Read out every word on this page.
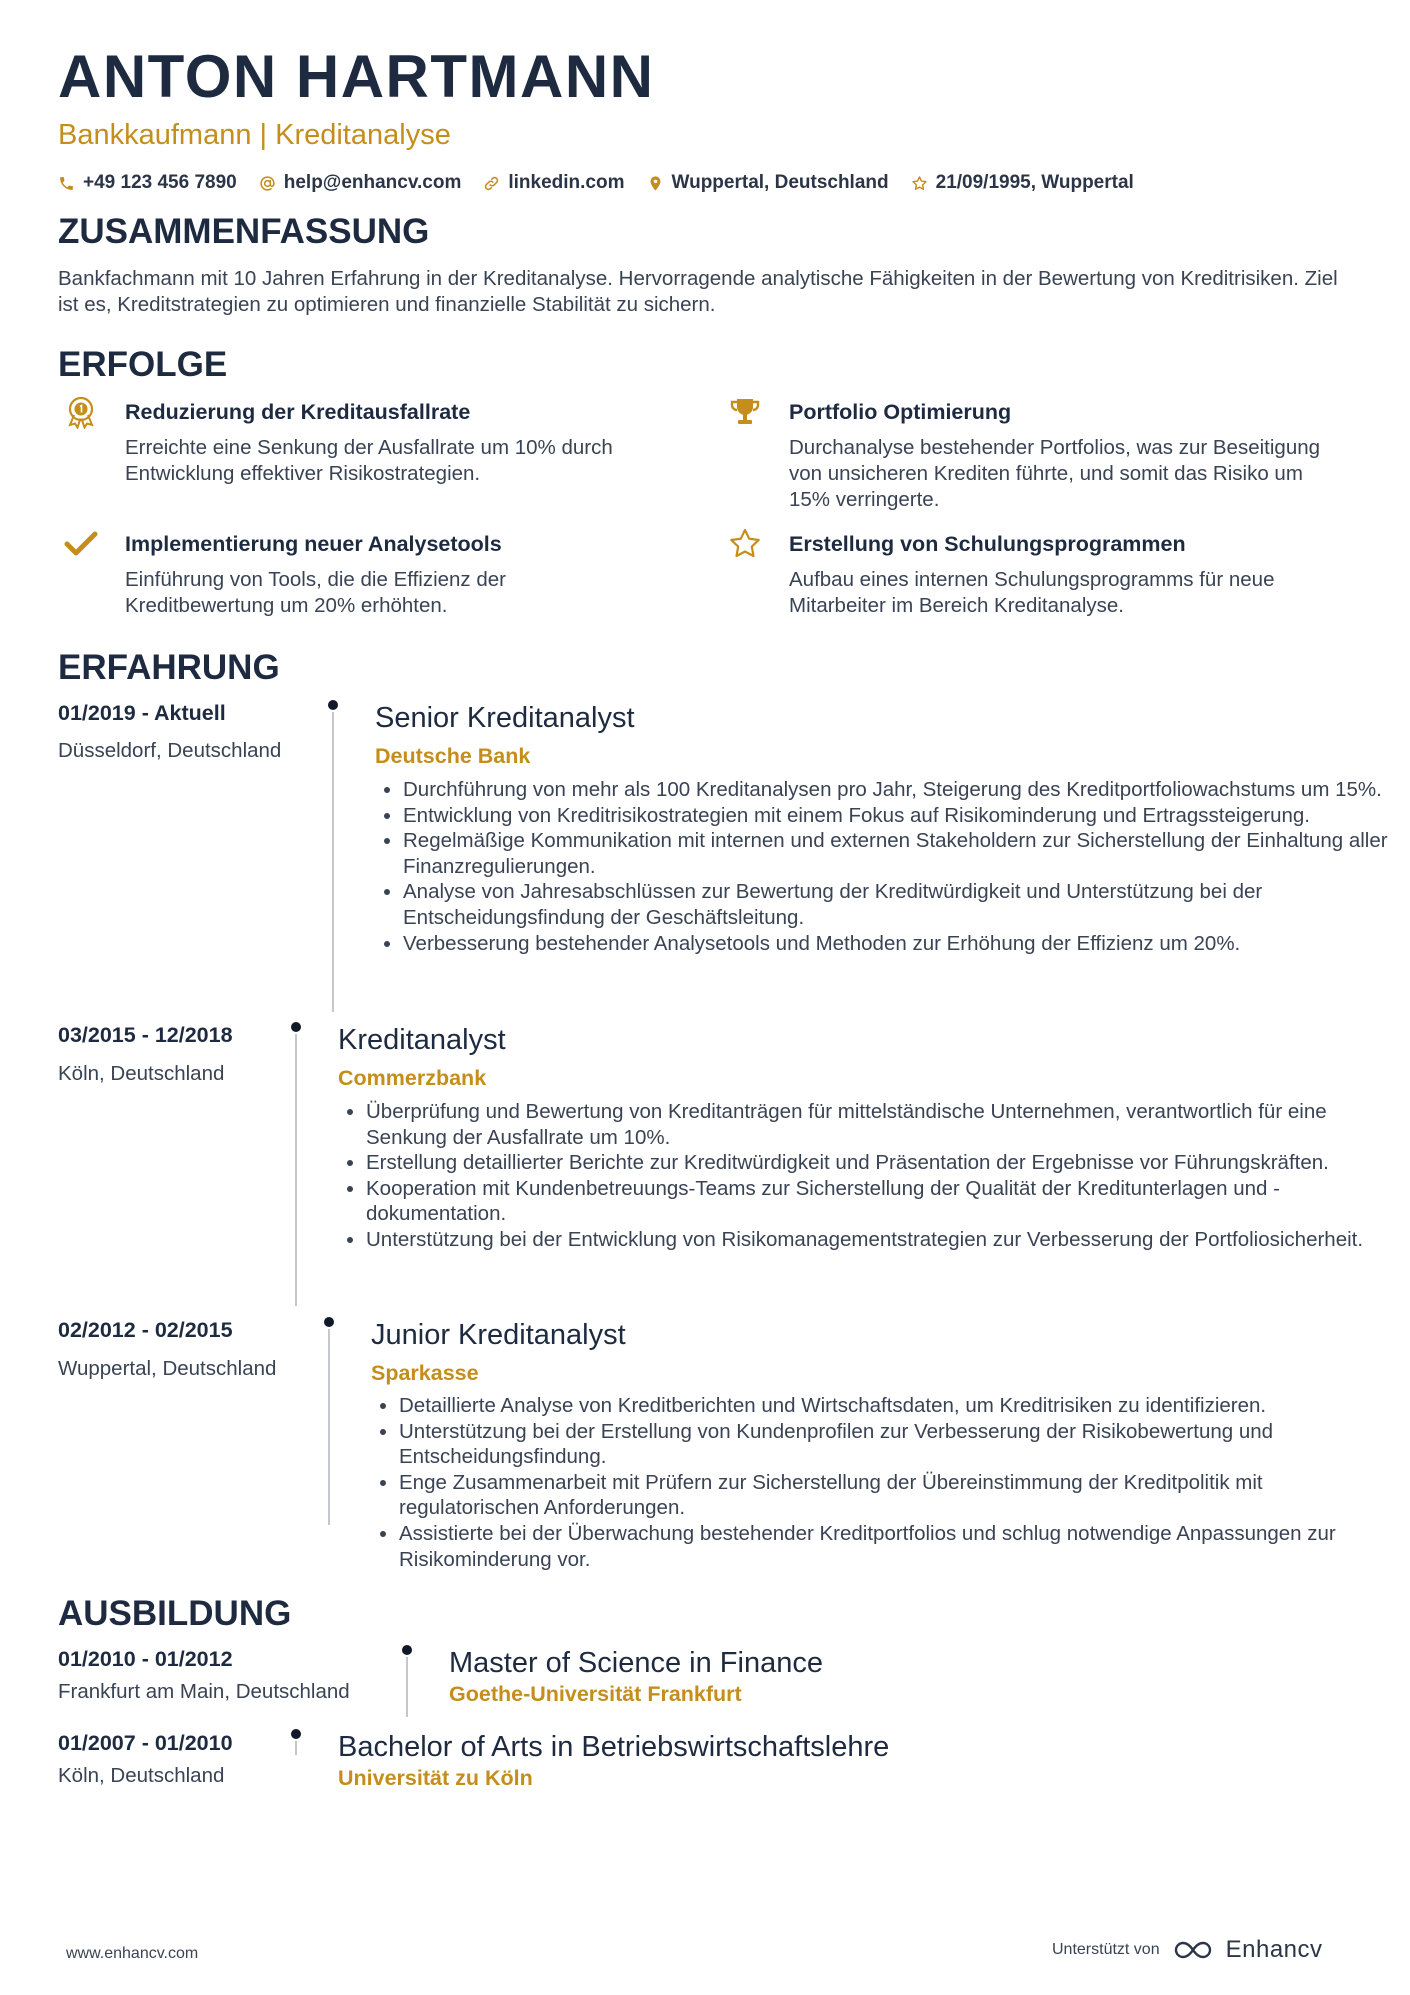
ANTON HARTMANN
Bankkaufmann | Kreditanalyse
+49 123 456 7890 help@enhancv.com linkedin.com Wuppertal, Deutschland 21/09/1995, Wuppertal
ZUSAMMENFASSUNG

Bankfachmann mit 10 Jahren Erfahrung in der Kreditanalyse. Hervorragende analytische Fähigkeiten in der Bewertung von Kreditrisiken. Ziel ist es, Kreditstrategien zu optimieren und finanzielle Stabilität zu sichern.

ERFOLGE
Reduzierung der Kreditausfallrate

Erreichte eine Senkung der Ausfallrate um 10% durch Entwicklung effektiver Risikostrategien.

Portfolio Optimierung

Durchanalyse bestehender Portfolios, was zur Beseitigung von unsicheren Krediten führte, und somit das Risiko um 15% verringerte.

Implementierung neuer Analysetools

Einführung von Tools, die die Effizienz der Kreditbewertung um 20% erhöhten.

Erstellung von Schulungsprogrammen

Aufbau eines internen Schulungsprogramms für neue Mitarbeiter im Bereich Kreditanalyse.

ERFAHRUNG
01/2019 - Aktuell
Düsseldorf, Deutschland
Senior Kreditanalyst
Deutsche Bank
• Durchführung von mehr als 100 Kreditanalysen pro Jahr, Steigerung des Kreditportfoliowachstums um 15%.
• Entwicklung von Kreditrisikostrategien mit einem Fokus auf Risikominderung und Ertragssteigerung.
• Regelmäßige Kommunikation mit internen und externen Stakeholdern zur Sicherstellung der Einhaltung aller Finanzregulierungen.
• Analyse von Jahresabschlüssen zur Bewertung der Kreditwürdigkeit und Unterstützung bei der Entscheidungsfindung der Geschäftsleitung.
• Verbesserung bestehender Analysetools und Methoden zur Erhöhung der Effizienz um 20%.
03/2015 - 12/2018
Köln, Deutschland
Kreditanalyst
Commerzbank
• Überprüfung und Bewertung von Kreditanträgen für mittelständische Unternehmen, verantwortlich für eine Senkung der Ausfallrate um 10%.
• Erstellung detaillierter Berichte zur Kreditwürdigkeit und Präsentation der Ergebnisse vor Führungskräften.
• Kooperation mit Kundenbetreuungs-Teams zur Sicherstellung der Qualität der Kreditunterlagen und -dokumentation.
• Unterstützung bei der Entwicklung von Risikomanagementstrategien zur Verbesserung der Portfoliosicherheit.
02/2012 - 02/2015
Wuppertal, Deutschland
Junior Kreditanalyst
Sparkasse
• Detaillierte Analyse von Kreditberichten und Wirtschaftsdaten, um Kreditrisiken zu identifizieren.
• Unterstützung bei der Erstellung von Kundenprofilen zur Verbesserung der Risikobewertung und Entscheidungsfindung.
• Enge Zusammenarbeit mit Prüfern zur Sicherstellung der Übereinstimmung der Kreditpolitik mit regulatorischen Anforderungen.
• Assistierte bei der Überwachung bestehender Kreditportfolios und schlug notwendige Anpassungen zur Risikominderung vor.
AUSBILDUNG
01/2010 - 01/2012
Frankfurt am Main, Deutschland
Master of Science in Finance
Goethe-Universität Frankfurt
01/2007 - 01/2010
Köln, Deutschland
Bachelor of Arts in Betriebswirtschaftslehre
Universität zu Köln
www.enhancv.com	Unterstützt von	Enhancv
